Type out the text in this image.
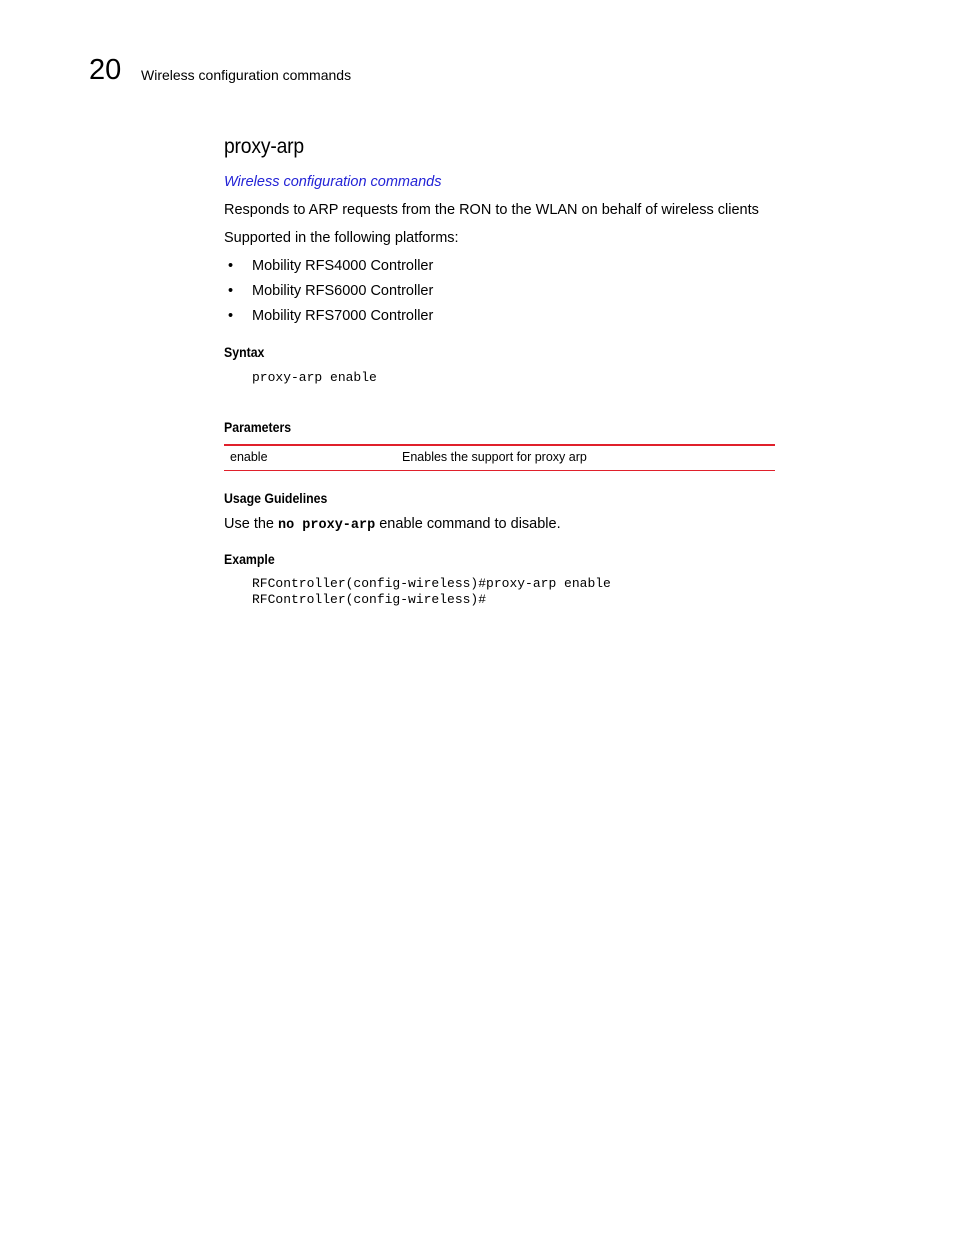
20 Wireless configuration commands
proxy-arp
Wireless configuration commands
Responds to ARP requests from the RON to the WLAN on behalf of wireless clients
Supported in the following platforms:
• Mobility RFS4000 Controller
• Mobility RFS6000 Controller
• Mobility RFS7000 Controller
Syntax
proxy-arp enable
Parameters
enable	Enables the support for proxy arp
Usage Guidelines
Use the no proxy-arp enable command to disable.
Example
RFController(config-wireless)#proxy-arp enable
RFController(config-wireless)#
